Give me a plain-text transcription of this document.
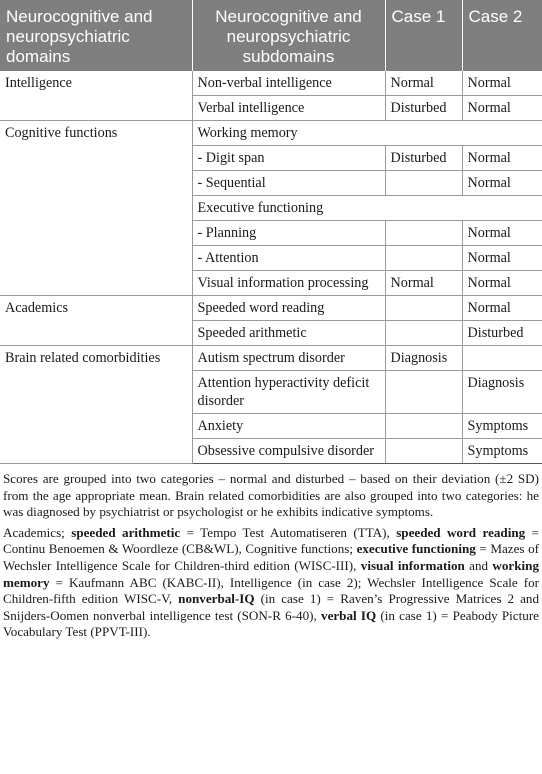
Neurocognitive and neuropsychiatric domains	Neurocognitive and neuropsychiatric subdomains	Case 1	Case 2
Intelligence	Non-verbal intelligence	Normal	Normal
	Verbal intelligence	Disturbed	Normal
Cognitive functions	Working memory		
	- Digit span	Disturbed	Normal
	- Sequential		Normal
	Executive functioning		
	- Planning		Normal
	- Attention		Normal
	Visual information processing	Normal	Normal
Academics	Speeded word reading		Normal
	Speeded arithmetic		Disturbed
Brain related comorbidities	Autism spectrum disorder	Diagnosis	
	Attention hyperactivity deficit disorder		Diagnosis
	Anxiety		Symptoms
	Obsessive compulsive disorder		Symptoms

Scores are grouped into two categories – normal and disturbed – based on their deviation (±2 SD) from the age appropriate mean. Brain related comorbidities are also grouped into two categories: he was diagnosed by psychiatrist or psychologist or he exhibits indicative symptoms.

Academics; speeded arithmetic = Tempo Test Automatiseren (TTA), speeded word reading = Continu Benoemen & Woordleze (CB&WL), Cognitive functions; executive functioning = Mazes of Wechsler Intelligence Scale for Children-third edition (WISC-III), visual information and working memory = Kaufmann ABC (KABC-II), Intelligence (in case 2); Wechsler Intelligence Scale for Children-fifth edition WISC-V, nonverbal-IQ (in case 1) = Raven’s Progressive Matrices 2 and Snijders-Oomen nonverbal intelligence test (SON-R 6-40), verbal IQ (in case 1) = Peabody Picture Vocabulary Test (PPVT-III).
